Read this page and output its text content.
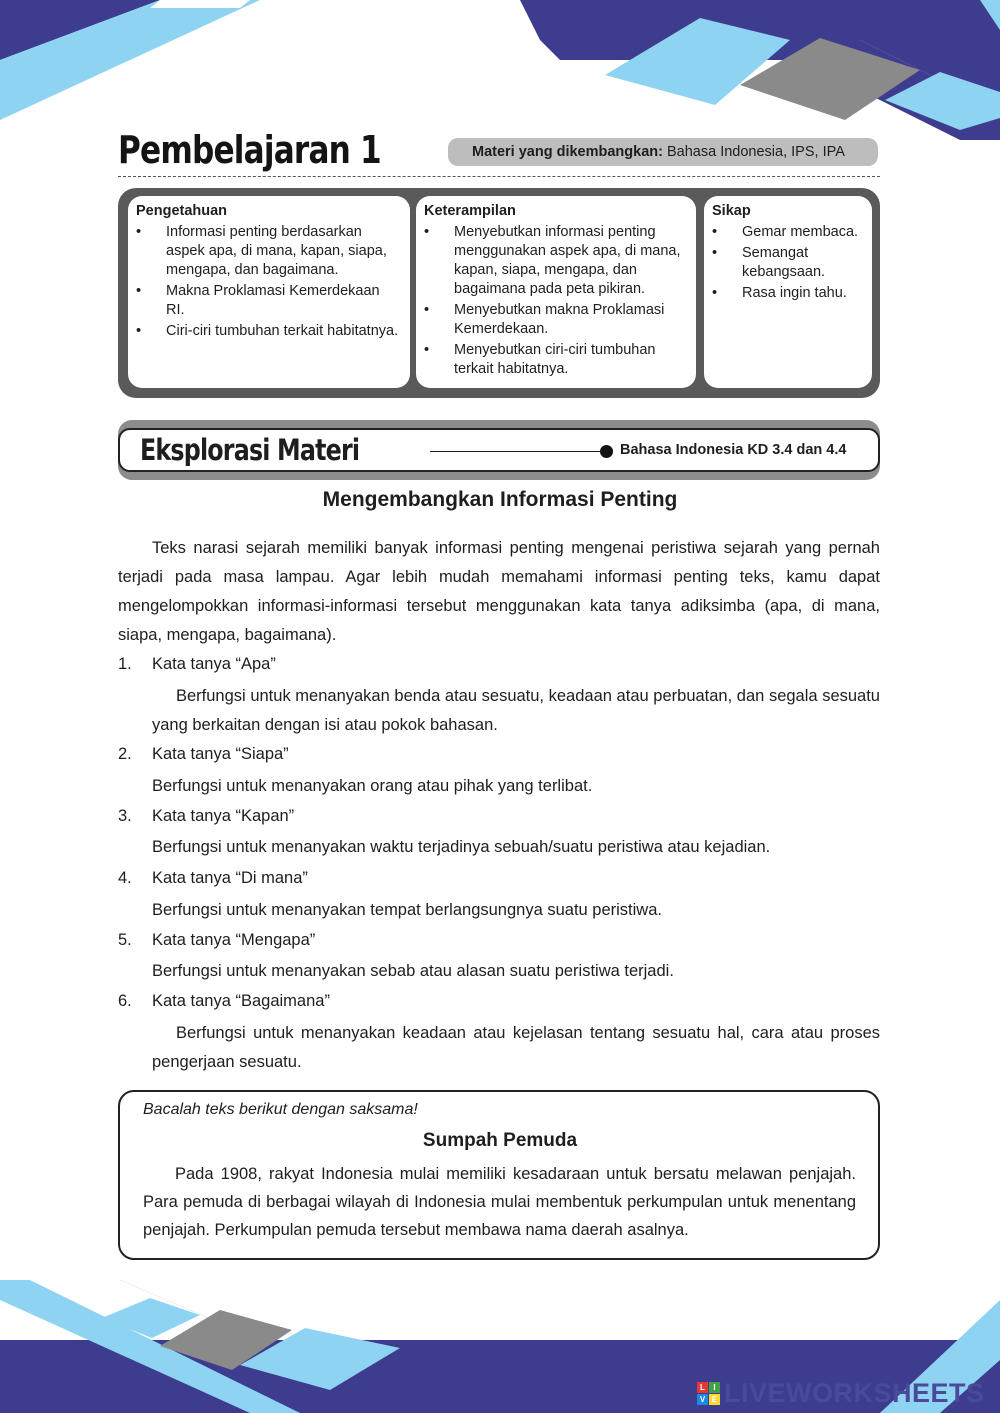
Pembelajaran 1	Materi yang dikembangkan: Bahasa Indonesia, IPS, IPA
Pengetahuan
• Informasi penting berdasarkan aspek apa, di mana, kapan, siapa, mengapa, dan bagaimana.
• Makna Proklamasi Kemerdekaan RI.
• Ciri-ciri tumbuhan terkait habitatnya.
Keterampilan
• Menyebutkan informasi penting menggunakan aspek apa, di mana, kapan, siapa, mengapa, dan bagaimana pada peta pikiran.
• Menyebutkan makna Proklamasi Kemerdekaan.
• Menyebutkan ciri-ciri tumbuhan terkait habitatnya.
Sikap
• Gemar membaca.
• Semangat kebangsaan.
• Rasa ingin tahu.
Eksplorasi Materi	Bahasa Indonesia KD 3.4 dan 4.4
Mengembangkan Informasi Penting
Teks narasi sejarah memiliki banyak informasi penting mengenai peristiwa sejarah yang pernah terjadi pada masa lampau. Agar lebih mudah memahami informasi penting teks, kamu dapat mengelompokkan informasi-informasi tersebut menggunakan kata tanya adiksimba (apa, di mana, siapa, mengapa, bagaimana).
1. Kata tanya “Apa”
Berfungsi untuk menanyakan benda atau sesuatu, keadaan atau perbuatan, dan segala sesuatu yang berkaitan dengan isi atau pokok bahasan.
2. Kata tanya “Siapa”
Berfungsi untuk menanyakan orang atau pihak yang terlibat.
3. Kata tanya “Kapan”
Berfungsi untuk menanyakan waktu terjadinya sebuah/suatu peristiwa atau kejadian.
4. Kata tanya “Di mana”
Berfungsi untuk menanyakan tempat berlangsungnya suatu peristiwa.
5. Kata tanya “Mengapa”
Berfungsi untuk menanyakan sebab atau alasan suatu peristiwa terjadi.
6. Kata tanya “Bagaimana”
Berfungsi untuk menanyakan keadaan atau kejelasan tentang sesuatu hal, cara atau proses pengerjaan sesuatu.
Bacalah teks berikut dengan saksama!
Sumpah Pemuda
Pada 1908, rakyat Indonesia mulai memiliki kesadaraan untuk bersatu melawan penjajah. Para pemuda di berbagai wilayah di Indonesia mulai membentuk perkumpulan untuk menentang penjajah. Perkumpulan pemuda tersebut membawa nama daerah asalnya.
L	I
V E LIVEWORKSHEETS
